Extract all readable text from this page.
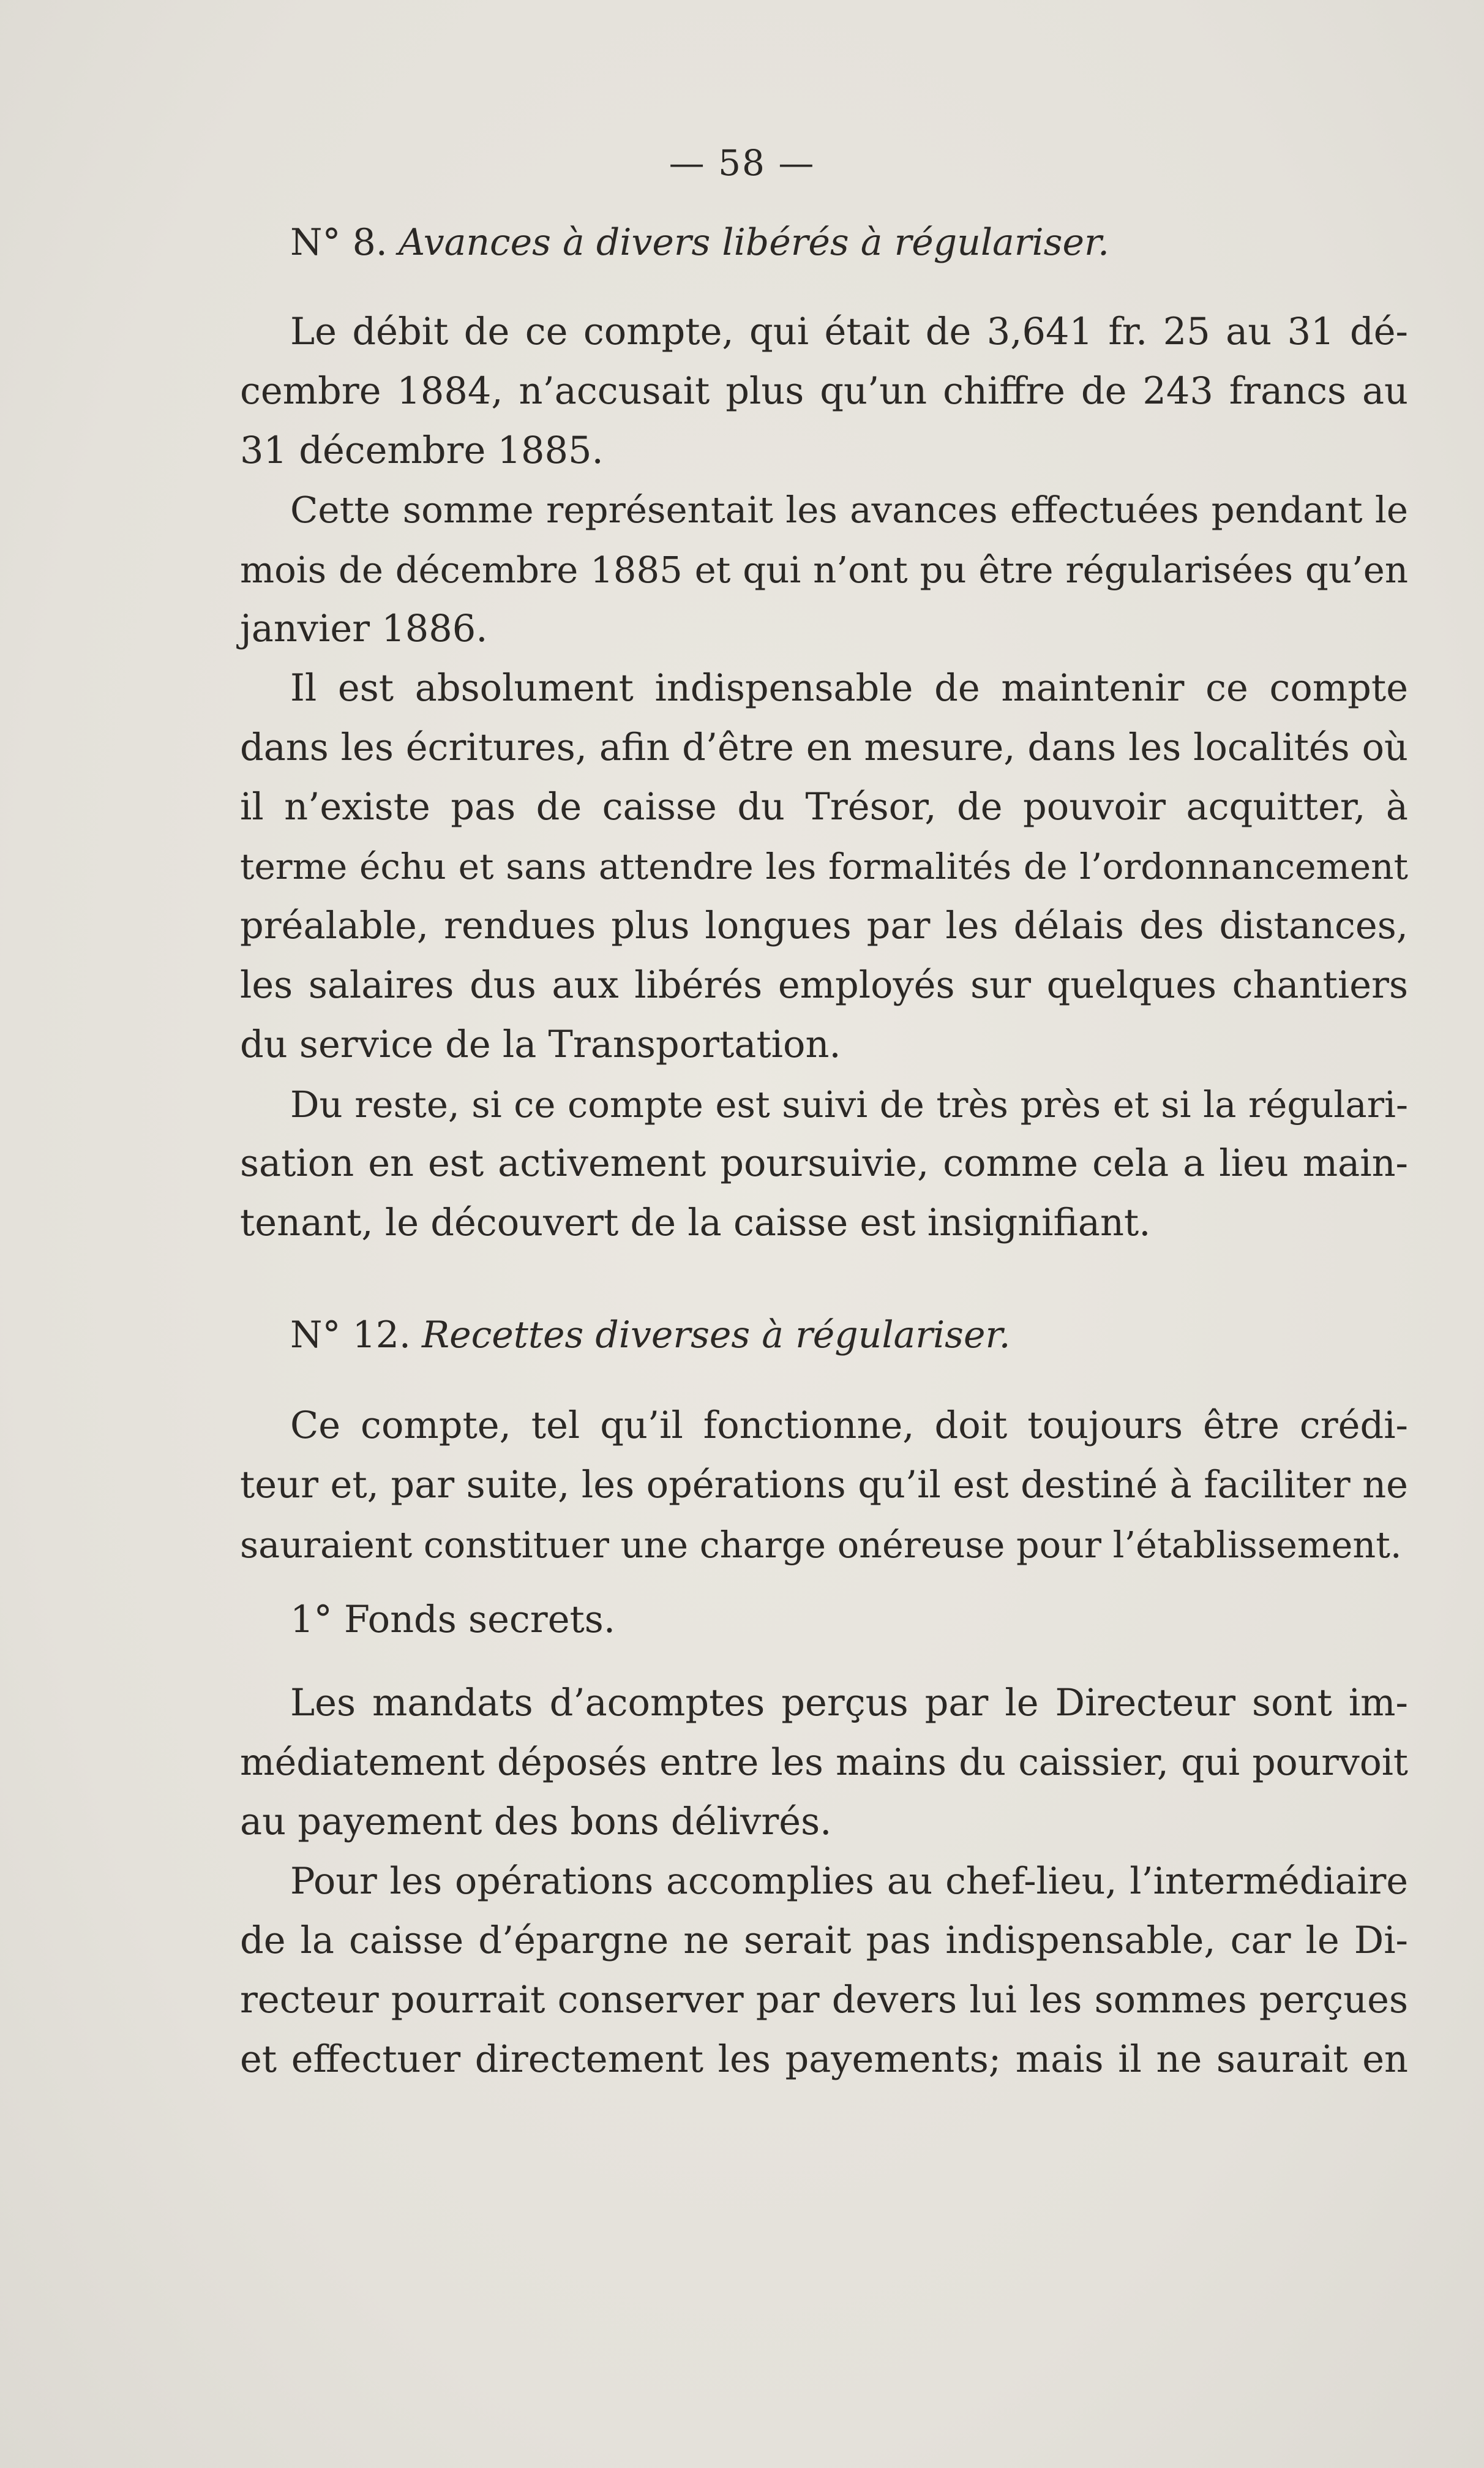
— 58 —
N° 8. Avances à divers libérés à régulariser.

Le débit de ce compte, qui était de 3,641 fr. 25 au 31 dé-
cembre 1884, n’accusait plus qu’un chiffre de 243 francs au
31 décembre 1885.

Cette somme représentait les avances effectuées pendant le
mois de décembre 1885 et qui n’ont pu être régularisées qu’en
janvier 1886.

Il est absolument indispensable de maintenir ce compte
dans les écritures, afin d’être en mesure, dans les localités où
il n’existe pas de caisse du Trésor, de pouvoir acquitter, à
terme échu et sans attendre les formalités de l’ordonnancement
préalable, rendues plus longues par les délais des distances,
les salaires dus aux libérés employés sur quelques chantiers
du service de la Transportation.

Du reste, si ce compte est suivi de très près et si la régulari-
sation en est activement poursuivie, comme cela a lieu main-
tenant, le découvert de la caisse est insignifiant.

N° 12. Recettes diverses à régulariser.

Ce compte, tel qu’il fonctionne, doit toujours être crédi-
teur et, par suite, les opérations qu’il est destiné à faciliter ne
sauraient constituer une charge onéreuse pour l’établissement.

1° Fonds secrets.

Les mandats d’acomptes perçus par le Directeur sont im-
médiatement déposés entre les mains du caissier, qui pourvoit
au payement des bons délivrés.

Pour les opérations accomplies au chef-lieu, l’intermédiaire
de la caisse d’épargne ne serait pas indispensable, car le Di-
recteur pourrait conserver par devers lui les sommes perçues
et effectuer directement les payements; mais il ne saurait en
